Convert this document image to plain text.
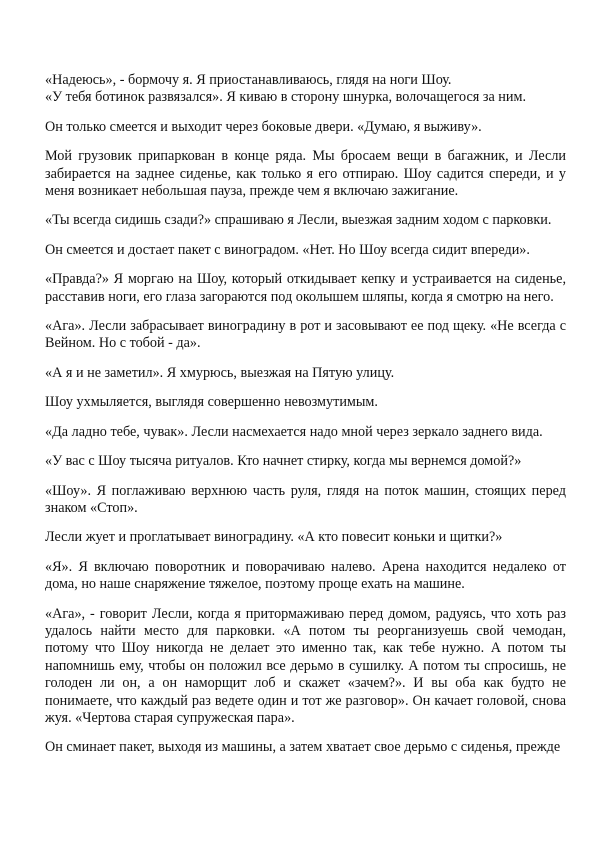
«Надеюсь», - бормочу я. Я приостанавливаюсь, глядя на ноги Шоу.

«У тебя ботинок развязался». Я киваю в сторону шнурка, волочащегося за ним.

Он только смеется и выходит через боковые двери. «Думаю, я выживу».

Мой грузовик припаркован в конце ряда. Мы бросаем вещи в багажник, и Лесли забирается на заднее сиденье, как только я его отпираю. Шоу садится спереди, и у меня возникает небольшая пауза, прежде чем я включаю зажигание.

«Ты всегда сидишь сзади?» спрашиваю я Лесли, выезжая задним ходом с парковки.

Он смеется и достает пакет с виноградом. «Нет. Но Шоу всегда сидит впереди».

«Правда?» Я моргаю на Шоу, который откидывает кепку и устраивается на сиденье, расставив ноги, его глаза загораются под околышем шляпы, когда я смотрю на него.

«Ага». Лесли забрасывает виноградину в рот и засовывают ее под щеку. «Не всегда с Вейном. Но с тобой - да».

«А я и не заметил». Я хмурюсь, выезжая на Пятую улицу.

Шоу ухмыляется, выглядя совершенно невозмутимым.

«Да ладно тебе, чувак». Лесли насмехается надо мной через зеркало заднего вида.

«У вас с Шоу тысяча ритуалов. Кто начнет стирку, когда мы вернемся домой?»

«Шоу». Я поглаживаю верхнюю часть руля, глядя на поток машин, стоящих перед знаком «Стоп».

Лесли жует и проглатывает виноградину. «А кто повесит коньки и щитки?»

«Я». Я включаю поворотник и поворачиваю налево. Арена находится недалеко от дома, но наше снаряжение тяжелое, поэтому проще ехать на машине.

«Ага», - говорит Лесли, когда я притормаживаю перед домом, радуясь, что хоть раз удалось найти место для парковки. «А потом ты реорганизуешь свой чемодан, потому что Шоу никогда не делает это именно так, как тебе нужно. А потом ты напомнишь ему, чтобы он положил все дерьмо в сушилку. А потом ты спросишь, не голоден ли он, а он наморщит лоб и скажет «зачем?». И вы оба как будто не понимаете, что каждый раз ведете один и тот же разговор». Он качает головой, снова жуя. «Чертова старая супружеская пара».

Он сминает пакет, выходя из машины, а затем хватает свое дерьмо с сиденья, прежде
